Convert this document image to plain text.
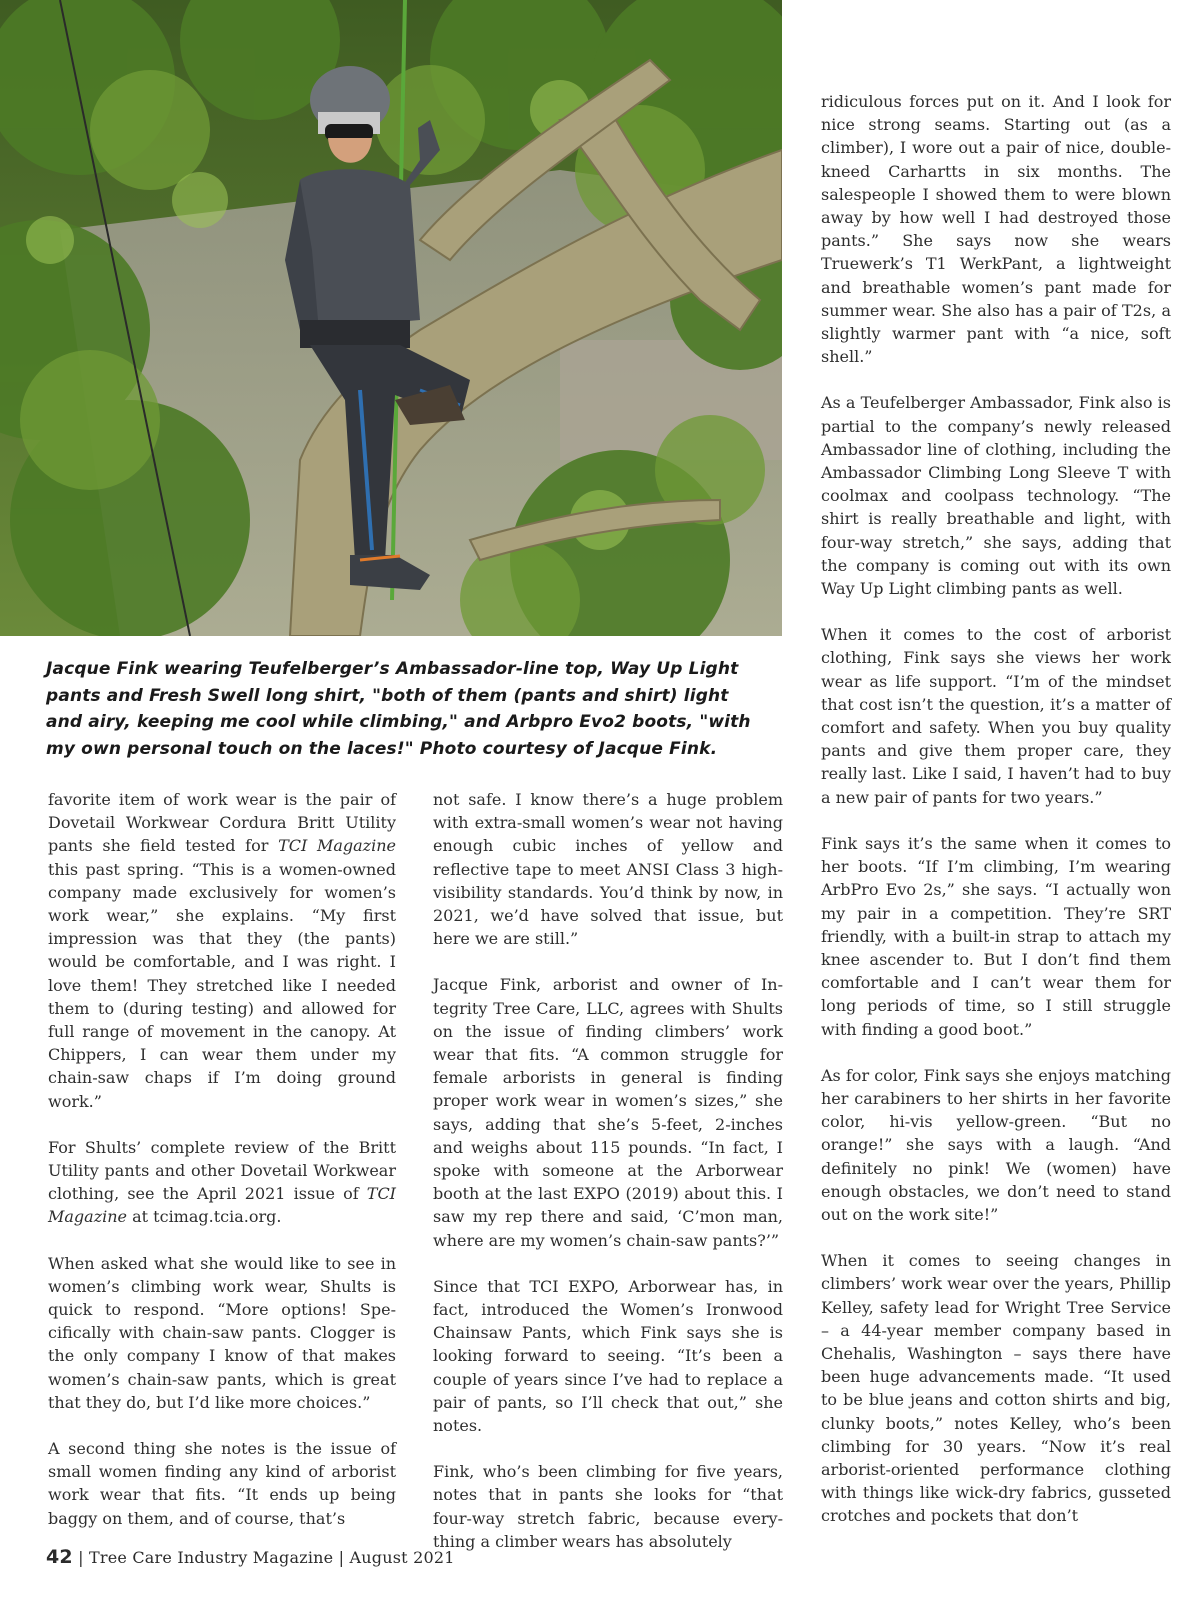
Jacque Fink wearing Teufelberger’s Ambassador-line top, Way Up Light pants and Fresh Swell long shirt, "both of them (pants and shirt) light and airy, keeping me cool while climbing," and Arbpro Evo2 boots, "with my own personal touch on the laces!" Photo courtesy of Jacque Fink.

favorite item of work wear is the pair of Dovetail Workwear Cordura Britt Utility pants she field tested for TCI Magazine this past spring. “This is a women-owned company made exclusively for women’s work wear,” she explains. “My first impression was that they (the pants) would be comfortable, and I was right. I love them! They stretched like I needed them to (during testing) and allowed for full range of movement in the canopy. At Chippers, I can wear them under my chain-saw chaps if I’m doing ground work.”

For Shults’ complete review of the Britt Utility pants and other Dovetail Workwear clothing, see the April 2021 issue of TCI Magazine at tcimag.tcia.org.

When asked what she would like to see in women’s climbing work wear, Shults is quick to respond. “More options! Specifically with chain-saw pants. Clogger is the only company I know of that makes women’s chain-saw pants, which is great that they do, but I’d like more choices.”

A second thing she notes is the issue of small women finding any kind of arborist work wear that fits. “It ends up being baggy on them, and of course, that’s

not safe. I know there’s a huge problem with extra-small women’s wear not having enough cubic inches of yellow and reflective tape to meet ANSI Class 3 high-visibility standards. You’d think by now, in 2021, we’d have solved that issue, but here we are still.”

Jacque Fink, arborist and owner of Integrity Tree Care, LLC, agrees with Shults on the issue of finding climbers’ work wear that fits. “A common struggle for female arborists in general is finding proper work wear in women’s sizes,” she says, adding that she’s 5-feet, 2-inches and weighs about 115 pounds. “In fact, I spoke with someone at the Arborwear booth at the last EXPO (2019) about this. I saw my rep there and said, ‘C’mon man, where are my women’s chain-saw pants?’”

Since that TCI EXPO, Arborwear has, in fact, introduced the Women’s Ironwood Chainsaw Pants, which Fink says she is looking forward to seeing. “It’s been a couple of years since I’ve had to replace a pair of pants, so I’ll check that out,” she notes.

Fink, who’s been climbing for five years, notes that in pants she looks for “that four-way stretch fabric, because everything a climber wears has absolutely

ridiculous forces put on it. And I look for nice strong seams. Starting out (as a climber), I wore out a pair of nice, double-kneed Carhartts in six months. The salespeople I showed them to were blown away by how well I had destroyed those pants.” She says now she wears Truewerk’s T1 WerkPant, a lightweight and breathable women’s pant made for summer wear. She also has a pair of T2s, a slightly warmer pant with “a nice, soft shell.”

As a Teufelberger Ambassador, Fink also is partial to the company’s newly released Ambassador line of clothing, including the Ambassador Climbing Long Sleeve T with coolmax and coolpass technology. “The shirt is really breathable and light, with four-way stretch,” she says, adding that the company is coming out with its own Way Up Light climbing pants as well.

When it comes to the cost of arborist clothing, Fink says she views her work wear as life support. “I’m of the mindset that cost isn’t the question, it’s a matter of comfort and safety. When you buy quality pants and give them proper care, they really last. Like I said, I haven’t had to buy a new pair of pants for two years.”

Fink says it’s the same when it comes to her boots. “If I’m climbing, I’m wearing ArbPro Evo 2s,” she says. “I actually won my pair in a competition. They’re SRT friendly, with a built-in strap to attach my knee ascender to. But I don’t find them comfortable and I can’t wear them for long periods of time, so I still struggle with finding a good boot.”

As for color, Fink says she enjoys matching her carabiners to her shirts in her favorite color, hi-vis yellow-green. “But no orange!” she says with a laugh. “And definitely no pink! We (women) have enough obstacles, we don’t need to stand out on the work site!”

When it comes to seeing changes in climbers’ work wear over the years, Phillip Kelley, safety lead for Wright Tree Service – a 44-year member company based in Chehalis, Washington – says there have been huge advancements made. “It used to be blue jeans and cotton shirts and big, clunky boots,” notes Kelley, who’s been climbing for 30 years. “Now it’s real arborist-oriented performance clothing with things like wick-dry fabrics, gusseted crotches and pockets that don’t

42 | Tree Care Industry Magazine | August 2021
